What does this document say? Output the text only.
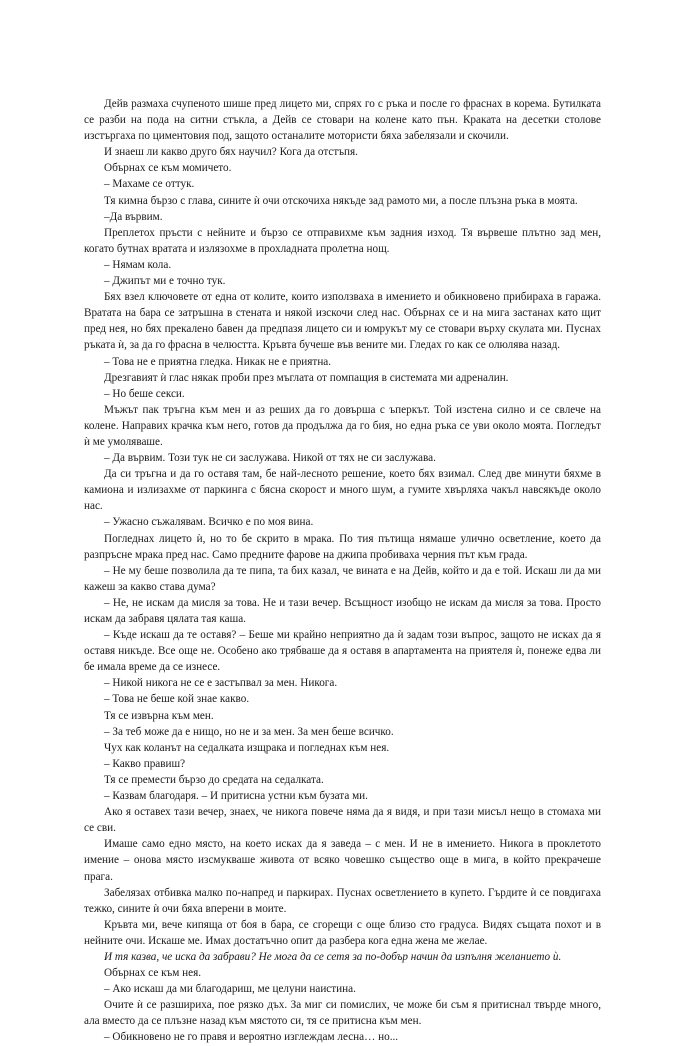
Дейв размаха счупеното шише пред лицето ми, спрях го с ръка и после го фраснах в корема. Бутилката се разби на пода на ситни стъкла, а Дейв се стовари на колене като пън. Краката на десетки столове изстъргаха по циментовия под, защото останалите мотористи бяха забелязали и скочили.

И знаеш ли какво друго бях научил? Кога да отстъпя.

Обърнах се към момичето.

– Махаме се оттук.

Тя кимна бързо с глава, сините ѝ очи отскочиха някъде зад рамото ми, а после плъзна ръка в моята.

–Да вървим.

Преплетох пръсти с нейните и бързо се отправихме към задния изход. Тя вървеше плътно зад мен, когато бутнах вратата и излязохме в прохладната пролетна нощ.

– Нямам кола.

– Джипът ми е точно тук.

Бях взел ключовете от една от колите, които използваха в имението и обикновено прибираха в гаража. Вратата на бара се затръшна в стената и някой изскочи след нас. Обърнах се и на мига застанах като щит пред нея, но бях прекалено бавен да предпазя лицето си и юмрукът му се стовари върху скулата ми. Пуснах ръката ѝ, за да го фрасна в челюстта. Кръвта бучеше във вените ми. Гледах го как се олюлява назад.

– Това не е приятна гледка. Никак не е приятна.

Дрезгавият ѝ глас някак проби през мъглата от помпащия в системата ми адреналин.

– Но беше секси.

Мъжът пак тръгна към мен и аз реших да го довърша с ъперкът. Той изстена силно и се свлече на колене. Направих крачка към него, готов да продължа да го бия, но една ръка се уви около моята. Погледът ѝ ме умоляваше.

– Да вървим. Този тук не си заслужава. Никой от тях не си заслужава.

Да си тръгна и да го оставя там, бе най-лесното решение, което бях взимал. След две минути бяхме в камиона и излизахме от паркинга с бясна скорост и много шум, а гумите хвърляха чакъл навсякъде около нас.

– Ужасно съжалявам. Всичко е по моя вина.

Погледнах лицето ѝ, но то бе скрито в мрака. По тия пътища нямаше улично осветление, което да разпръсне мрака пред нас. Само предните фарове на джипа пробиваха черния път към града.

– Не му беше позволила да те пипа, та бих казал, че вината е на Дейв, който и да е той. Искаш ли да ми кажеш за какво става дума?

– Не, не искам да мисля за това. Не и тази вечер. Всъщност изобщо не искам да мисля за това. Просто искам да забравя цялата тая каша.

– Къде искаш да те оставя? – Беше ми крайно неприятно да ѝ задам този въпрос, защото не исках да я оставя никъде. Все още не. Особено ако трябваше да я оставя в апартамента на приятеля ѝ, понеже едва ли бе имала време да се изнесе.

– Никой никога не се е застъпвал за мен. Никога.

– Това не беше кой знае какво.

Тя се извърна към мен.

– За теб може да е нищо, но не и за мен. За мен беше всичко.

Чух как коланът на седалката изщрака и погледнах към нея.

– Какво правиш?

Тя се премести бързо до средата на седалката.

– Казвам благодаря. – И притисна устни към бузата ми.

Ако я оставех тази вечер, знаех, че никога повече няма да я видя, и при тази мисъл нещо в стомаха ми се сви.

Имаше само едно място, на което исках да я заведа – с мен. И не в имението. Никога в проклетото имение – онова място изсмукваше живота от всяко човешко същество още в мига, в който прекрачеше прага.

Забелязах отбивка малко по-напред и паркирах. Пуснах осветлението в купето. Гърдите ѝ се повдигаха тежко, сините ѝ очи бяха вперени в моите.

Кръвта ми, вече кипяща от боя в бара, се сгорещи с още близо сто градуса. Видях същата похот и в нейните очи. Искаше ме. Имах достатъчно опит да разбера кога една жена ме желае.

И тя казва, че иска да забрави? Не мога да се сетя за по-добър начин да изпълня желанието ѝ.

Обърнах се към нея.

– Ако искаш да ми благодариш, ме целуни наистина.

Очите ѝ се разшириха, пое рязко дъх. За миг си помислих, че може би съм я притиснал твърде много, ала вместо да се плъзне назад към мястото си, тя се притисна към мен.

– Обикновено не го правя и вероятно изглеждам лесна… но...
